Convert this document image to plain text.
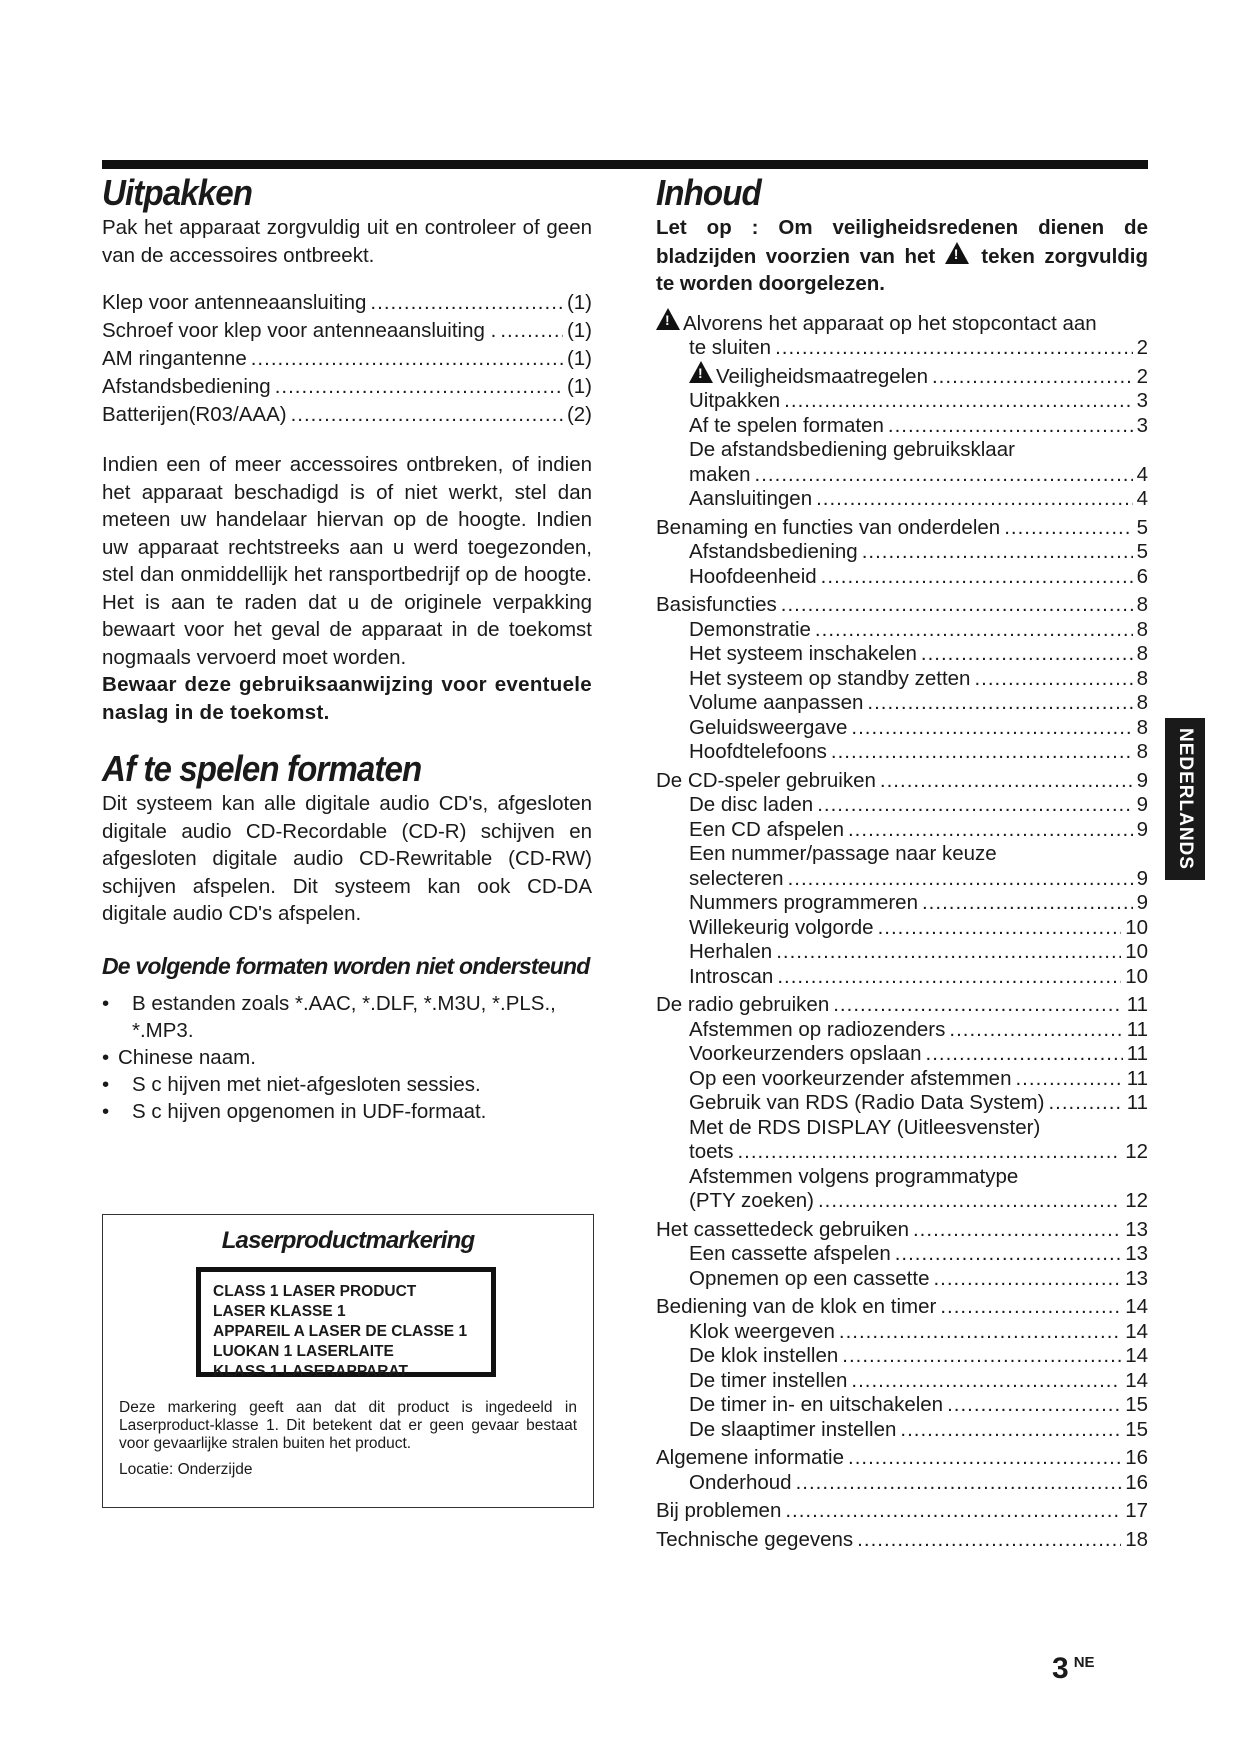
Uitpakken

Pak het apparaat zorgvuldig uit en controleer of geen van de accessoires ontbreekt.

Klep voor antenneaansluiting .....	(1)
Schroef voor klep voor antenneaansluiting . .....	(1)
AM ringantenne .....	(1)
Afstandsbediening .....	(1)
Batterijen(R03/AAA) .....	(2)

Indien een of meer accessoires ontbreken, of indien het apparaat beschadigd is of niet werkt, stel dan meteen uw handelaar hiervan op de hoogte. Indien uw apparaat rechtstreeks aan u werd toegezonden, stel dan onmiddellijk het ransportbedrijf op de hoogte. Het is aan te raden dat u de originele verpakking bewaart voor het geval de apparaat in de toekomst nogmaals vervoerd moet worden.

Bewaar deze gebruiksaanwijzing voor eventuele naslag in de toekomst.

Af te spelen formaten

Dit systeem kan alle digitale audio CD's, afgesloten digitale audio CD-Recordable (CD-R) schijven en afgesloten digitale audio CD-Rewritable (CD-RW) schijven afspelen. Dit systeem kan ook CD-DA digitale audio CD's afspelen.

De volgende formaten worden niet ondersteund
• B estanden zoals *.AAC, *.DLF, *.M3U, *.PLS., *.MP3.
• Chinese naam.
• S c hijven met niet-afgesloten sessies.
• S c hijven opgenomen in UDF-formaat.
Laserproductmarkering
CLASS 1 LASER PRODUCT
LASER KLASSE 1
APPAREIL A LASER DE CLASSE 1
LUOKAN 1 LASERLAITE
KLASS 1 LASERAPPARAT
Deze markering geeft aan dat dit product is ingedeeld in Laserproduct-klasse 1. Dit betekent dat er geen gevaar bestaat voor gevaarlijke stralen buiten het product.
Locatie: Onderzijde
Inhoud
Let op : Om veiligheidsredenen dienen de bladzijden voorzien van het ! teken zorgvuldig te worden doorgelezen.
!
Alvorens het apparaat op het stopcontact aan
te sluiten .....	2
!
Veiligheidsmaatregelen .....	2
Uitpakken .....	3
Af te spelen formaten .....	3
De afstandsbediening gebruiksklaar
maken .....	4
Aansluitingen .....	4
Benaming en functies van onderdelen .....	5
Afstandsbediening .....	5
Hoofdeenheid .....	6
Basisfuncties .....	8
Demonstratie .....	8
Het systeem inschakelen .....	8
Het systeem op standby zetten .....	8
Volume aanpassen .....	8
Geluidsweergave .....	8
Hoofdtelefoons .....	8
De CD-speler gebruiken .....	9
De disc laden .....	9
Een CD afspelen .....	9
Een nummer/passage naar keuze
selecteren .....	9
Nummers programmeren .....	9
Willekeurig volgorde .....	10
Herhalen .....	10
Introscan .....	10
De radio gebruiken .....	11
Afstemmen op radiozenders .....	11
Voorkeurzenders opslaan .....	11
Op een voorkeurzender afstemmen .....	11
Gebruik van RDS (Radio Data System) .....	11
Met de RDS DISPLAY (Uitleesvenster)
toets .....	12
Afstemmen volgens programmatype
(PTY zoeken) .....	12
Het cassettedeck gebruiken .....	13
Een cassette afspelen .....	13
Opnemen op een cassette .....	13
Bediening van de klok en timer .....	14
Klok weergeven .....	14
De klok instellen .....	14
De timer instellen .....	14
De timer in- en uitschakelen .....	15
De slaaptimer instellen .....	15
Algemene informatie .....	16
Onderhoud .....	16
Bij problemen .....	17
Technische gegevens .....	18
NEDERLANDS
3 $^{NE}$
